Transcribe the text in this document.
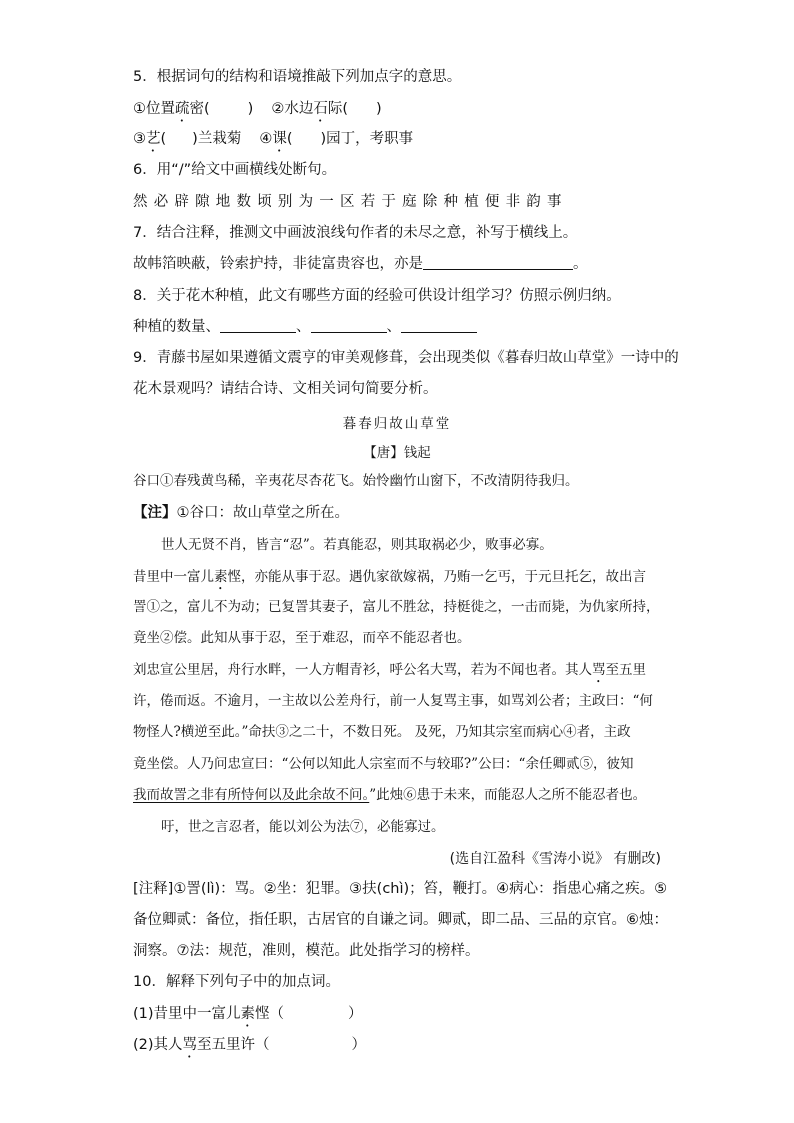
5．根据词句的结构和语境推敲下列加点字的意思。
①位置疏密(	) ②水边石际( )
③艺( )兰栽菊 ④课( )园丁，考职事
6．用“/”给文中画横线处断句。
然必辟隙地数顷别为一区若于庭除种植便非韵事
7．结合注释，推测文中画波浪线句作者的未尽之意，补写于横线上。
故帏箔映蔽，铃索护持，非徒富贵容也，亦是	。
8．关于花木种植，此文有哪些方面的经验可供设计组学习？仿照示例归纳。
种植的数量、	、	、
9．青藤书屋如果遵循文震亨的审美观修葺，会出现类似《暮春归故山草堂》一诗中的
花木景观吗？请结合诗、文相关词句简要分析。
暮春归故山草堂
【唐】钱起
谷口①春残黄鸟稀，辛夷花尽杏花飞。始怜幽竹山窗下，不改清阴待我归。
【注】①谷口：故山草堂之所在。
世人无贤不肖，皆言“忍”。若真能忍，则其取祸必少，败事必寡。
昔里中一富儿素悭，亦能从事于忍。遇仇家欲嫁祸，乃贿一乞丐，于元旦托乞，故出言
詈①之，富儿不为动；已复詈其妻子，富儿不胜忿，持梃徙之，一击而毙，为仇家所持，
竟坐②偿。此知从事于忍，至于难忍，而卒不能忍者也。
刘忠宣公里居，舟行水畔，一人方帽青衫，呼公名大骂，若为不闻也者。其人骂至五里
许，倦而返。不逾月，一主故以公差舟行，前一人复骂主事，如骂刘公者；主政曰：“何
物怪人?横逆至此。”命扶③之二十，不数日死。 及死，乃知其宗室而病心④者，主政
竟坐偿。人乃问忠宣曰：“公何以知此人宗室而不与较耶?”公曰：“余任卿贰⑤，彼知
我而故詈之非有所恃何以及此余故不问。”此烛⑥患于未来，而能忍人之所不能忍者也。
吁，世之言忍者，能以刘公为法⑦，必能寡过。
(选自江盈科《雪涛小说》 有删改)
[注释]①詈(lì)：骂。②坐：犯罪。③扶(chì)；笞，鞭打。④病心：指患心痛之疾。⑤
备位卿贰：备位，指任职，古居官的自谦之词。卿贰，即二品、三品的京官。⑥烛：
洞察。⑦法：规范，准则，模范。此处指学习的榜样。
10．解释下列句子中的加点词。
(1)昔里中一富儿素悭（	）
(2)其人骂至五里许（	）
